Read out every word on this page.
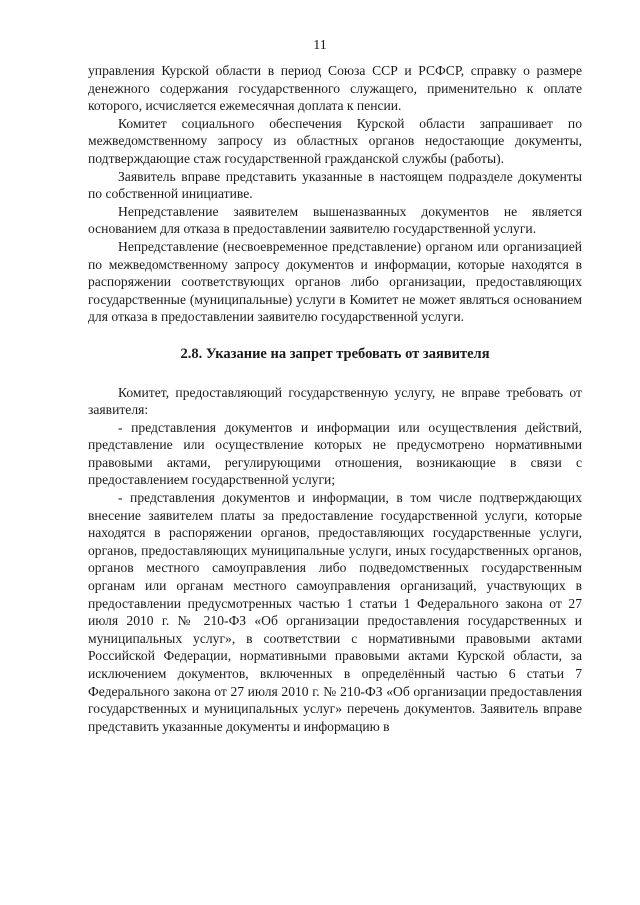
11

управления Курской области в период Союза ССР и РСФСР, справку о размере денежного содержания государственного служащего, применительно к оплате которого, исчисляется ежемесячная доплата к пенсии.

Комитет социального обеспечения Курской области запрашивает по межведомственному запросу из областных органов недостающие документы, подтверждающие стаж государственной гражданской службы (работы).

Заявитель вправе представить указанные в настоящем подразделе документы по собственной инициативе.

Непредставление заявителем вышеназванных документов не является основанием для отказа в предоставлении заявителю государственной услуги.

Непредставление (несвоевременное представление) органом или организацией по межведомственному запросу документов и информации, которые находятся в распоряжении соответствующих органов либо организации, предоставляющих государственные (муниципальные) услуги в Комитет не может являться основанием для отказа в предоставлении заявителю государственной услуги.

2.8. Указание на запрет требовать от заявителя

Комитет, предоставляющий государственную услугу, не вправе требовать от заявителя:

- представления документов и информации или осуществления действий, представление или осуществление которых не предусмотрено нормативными правовыми актами, регулирующими отношения, возникающие в связи с предоставлением государственной услуги;

- представления документов и информации, в том числе подтверждающих внесение заявителем платы за предоставление государственной услуги, которые находятся в распоряжении органов, предоставляющих государственные услуги, органов, предоставляющих муниципальные услуги, иных государственных органов, органов местного самоуправления либо подведомственных государственным органам или органам местного самоуправления организаций, участвующих в предоставлении предусмотренных частью 1 статьи 1 Федерального закона от 27 июля 2010 г. № 210-ФЗ «Об организации предоставления государственных и муниципальных услуг», в соответствии с нормативными правовыми актами Российской Федерации, нормативными правовыми актами Курской области, за исключением документов, включенных в определённый частью 6 статьи 7 Федерального закона от 27 июля 2010 г. № 210-ФЗ «Об организации предоставления государственных и муниципальных услуг» перечень документов. Заявитель вправе представить указанные документы и информацию в
